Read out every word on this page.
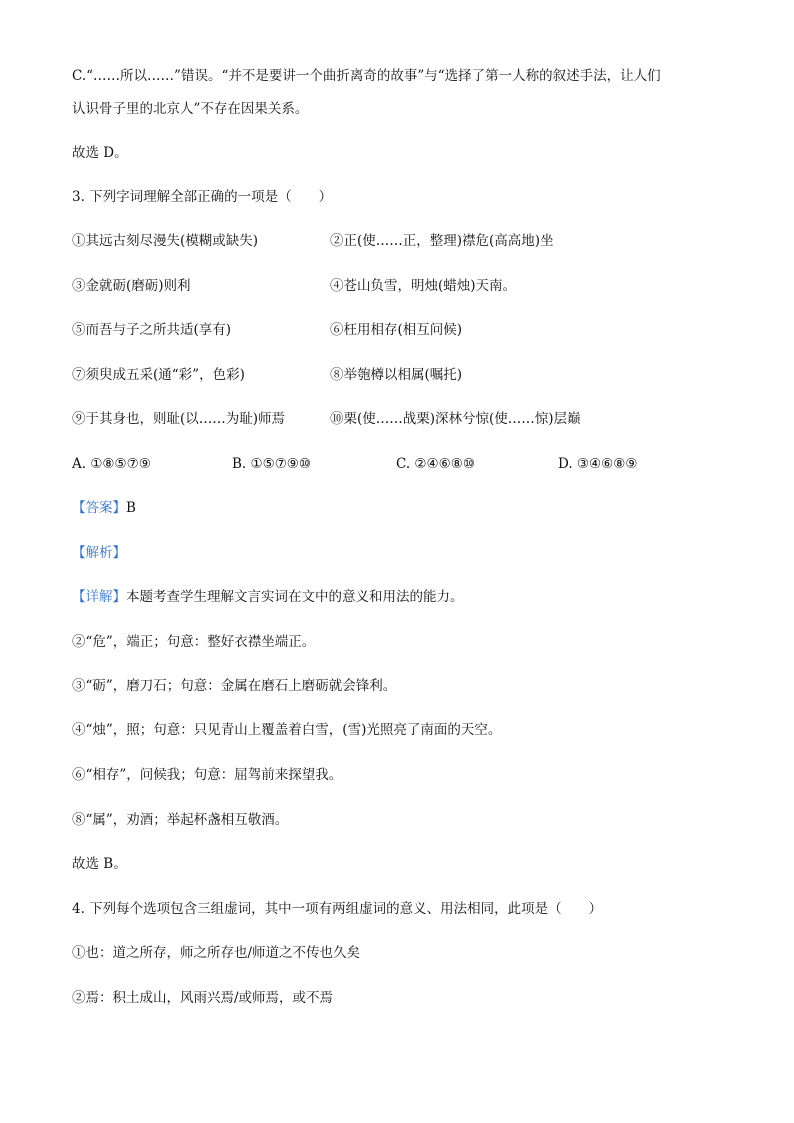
C.“……所以……”错误。“并不是要讲一个曲折离奇的故事”与“选择了第一人称的叙述手法，让人们
认识骨子里的北京人”不存在因果关系。
故选 D。
3. 下列字词理解全部正确的一项是（　　）
①其远古刻尽漫失(模糊或缺失)	②正(使……正，整理)襟危(高高地)坐
③金就砺(磨砺)则利	④苍山负雪，明烛(蜡烛)天南。
⑤而吾与子之所共适(享有)	⑥枉用相存(相互问候)
⑦须臾成五采(通“彩”，色彩)	⑧举匏樽以相属(嘱托)
⑨于其身也，则耻(以……为耻)师焉	⑩栗(使……战栗)深林兮惊(使……惊)层巅
A. ①⑧⑤⑦⑨	B. ①⑤⑦⑨⑩	C. ②④⑥⑧⑩	D. ③④⑥⑧⑨
【答案】B
【解析】
【详解】本题考查学生理解文言实词在文中的意义和用法的能力。
②“危”，端正；句意：整好衣襟坐端正。
③“砺”，磨刀石；句意：金属在磨石上磨砺就会锋利。
④“烛”，照；句意：只见青山上覆盖着白雪，(雪)光照亮了南面的天空。
⑥“相存”，问候我；句意：屈驾前来探望我。
⑧“属”，劝酒；举起杯盏相互敬酒。
故选 B。
4. 下列每个选项包含三组虚词，其中一项有两组虚词的意义、用法相同，此项是（　　）
①也：道之所存，师之所存也/师道之不传也久矣
②焉：积土成山，风雨兴焉/或师焉，或不焉
